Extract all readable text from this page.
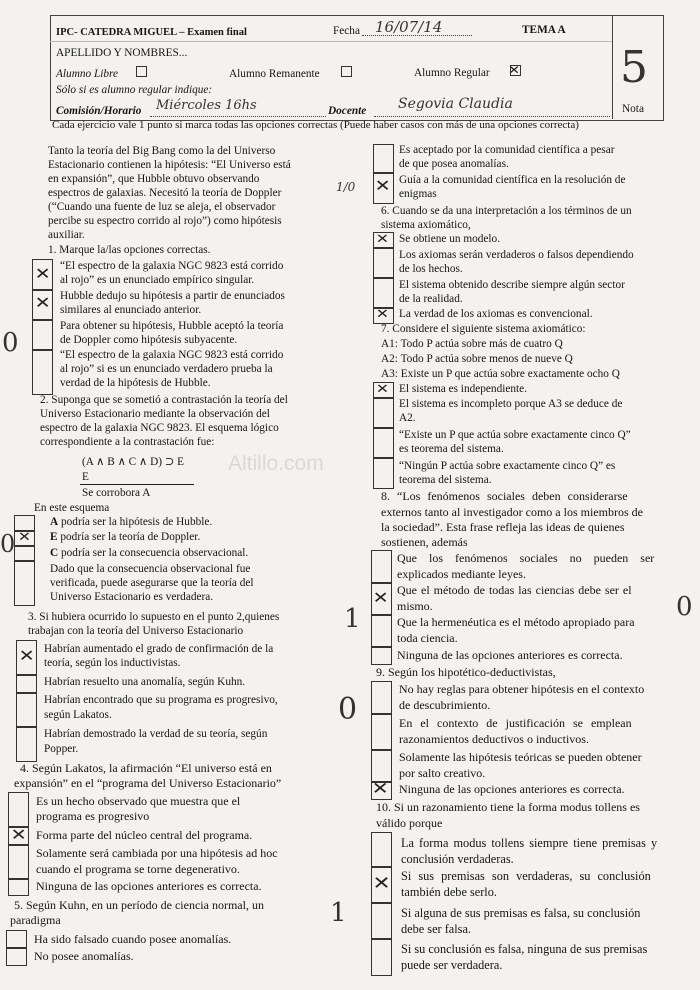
IPC- CATEDRA MIGUEL – Examen final	Fecha 16/07/14	TEMA A
APELLIDO Y NOMBRES...
Alumno Libre	Alumno Remanente	Alumno Regular ✕
Sólo si es alumno regular indique:
Comisión/Horario Miércoles 16hs	Docente Segovia Claudia
5
Nota
Cada ejercicio vale 1 punto si marca todas las opciones correctas (Puede haber casos con más de una opciones correcta)
Altillo.com
Tanto la teoría del Big Bang como la del Universo
Estacionario contienen la hipótesis: “El Universo está
en expansión”, que Hubble obtuvo observando
espectros de galaxias. Necesitó la teoría de Doppler
(“Cuando una fuente de luz se aleja, el observador
percibe su espectro corrido al rojo”) como hipótesis
auxiliar.
1. Marque la/las opciones correctas.
✕ “El espectro de la galaxia NGC 9823 está corrido
al rojo” es un enunciado empírico singular.
✕ Hubble dedujo su hipótesis a partir de enunciados
similares al enunciado anterior.
Para obtener su hipótesis, Hubble aceptó la teoría
de Doppler como hipótesis subyacente.
“El espectro de la galaxia NGC 9823 está corrido
al rojo” si es un enunciado verdadero prueba la
verdad de la hipótesis de Hubble.
2. Suponga que se sometió a contrastación la teoría del
Universo Estacionario mediante la observación del
espectro de la galaxia NGC 9823. El esquema lógico
correspondiente a la contrastación fue:
(A ∧ B ∧ C ∧ D) ⊃ E
E
Se corrobora A
En este esquema
A podría ser la hipótesis de Hubble.
✕ E podría ser la teoría de Doppler.
C podría ser la consecuencia observacional.
Dado que la consecuencia observacional fue
verificada, puede asegurarse que la teoría del
Universo Estacionario es verdadera.
3. Si hubiera ocurrido lo supuesto en el punto 2,quienes
trabajan con la teoría del Universo Estacionario
✕ Habrían aumentado el grado de confirmación de la
teoría, según los inductivistas.
Habrían resuelto una anomalía, según Kuhn.
Habrían encontrado que su programa es progresivo,
según Lakatos.
Habrían demostrado la verdad de su teoría, según
Popper.
4. Según Lakatos, la afirmación “El universo está en
expansión” en el “programa del Universo Estacionario”
Es un hecho observado que muestra que el
programa es progresivo
✕ Forma parte del núcleo central del programa.
Solamente será cambiada por una hipótesis ad hoc
cuando el programa se torne degenerativo.
Ninguna de las opciones anteriores es correcta.
5. Según Kuhn, en un período de ciencia normal, un
paradigma
Ha sido falsado cuando posee anomalías.
No posee anomalías.
Es aceptado por la comunidad científica a pesar
de que posea anomalías.
✕ Guía a la comunidad científica en la resolución de
enigmas
6. Cuando se da una interpretación a los términos de un
sistema axiomático,
✕ Se obtiene un modelo.
Los axiomas serán verdaderos o falsos dependiendo
de los hechos.
El sistema obtenido describe siempre algún sector
de la realidad.
✕ La verdad de los axiomas es convencional.
7. Considere el siguiente sistema axiomático:
A1: Todo P actúa sobre más de cuatro Q
A2: Todo P actúa sobre menos de nueve Q
A3: Existe un P que actúa sobre exactamente ocho Q
✕ El sistema es independiente.
El sistema es incompleto porque A3 se deduce de
A2.
“Existe un P que actúa sobre exactamente cinco Q”
es teorema del sistema.
“Ningún P actúa sobre exactamente cinco Q” es
teorema del sistema.
8. “Los fenómenos sociales deben considerarse
externos tanto al investigador como a los miembros de
la sociedad”. Esta frase refleja las ideas de quienes
sostienen, además
Que los fenómenos sociales no pueden ser
explicados mediante leyes.
✕ Que el método de todas las ciencias debe ser el
mismo.
Que la hermenéutica es el método apropiado para
toda ciencia.
Ninguna de las opciones anteriores es correcta.
9. Según los hipotético-deductivistas,
No hay reglas para obtener hipótesis en el contexto
de descubrimiento.
En el contexto de justificación se emplean
razonamientos deductivos o inductivos.
Solamente las hipótesis teóricas se pueden obtener
por salto creativo.
✕ Ninguna de las opciones anteriores es correcta.
10. Si un razonamiento tiene la forma modus tollens es
válido porque
La forma modus tollens siempre tiene premisas y
conclusión verdaderas.
✕ Si sus premisas son verdaderas, su conclusión
también debe serlo.
Si alguna de sus premisas es falsa, su conclusión
debe ser falsa.
Si su conclusión es falsa, ninguna de sus premisas
puede ser verdadera.
0
0
1
0
0
1
1/0
